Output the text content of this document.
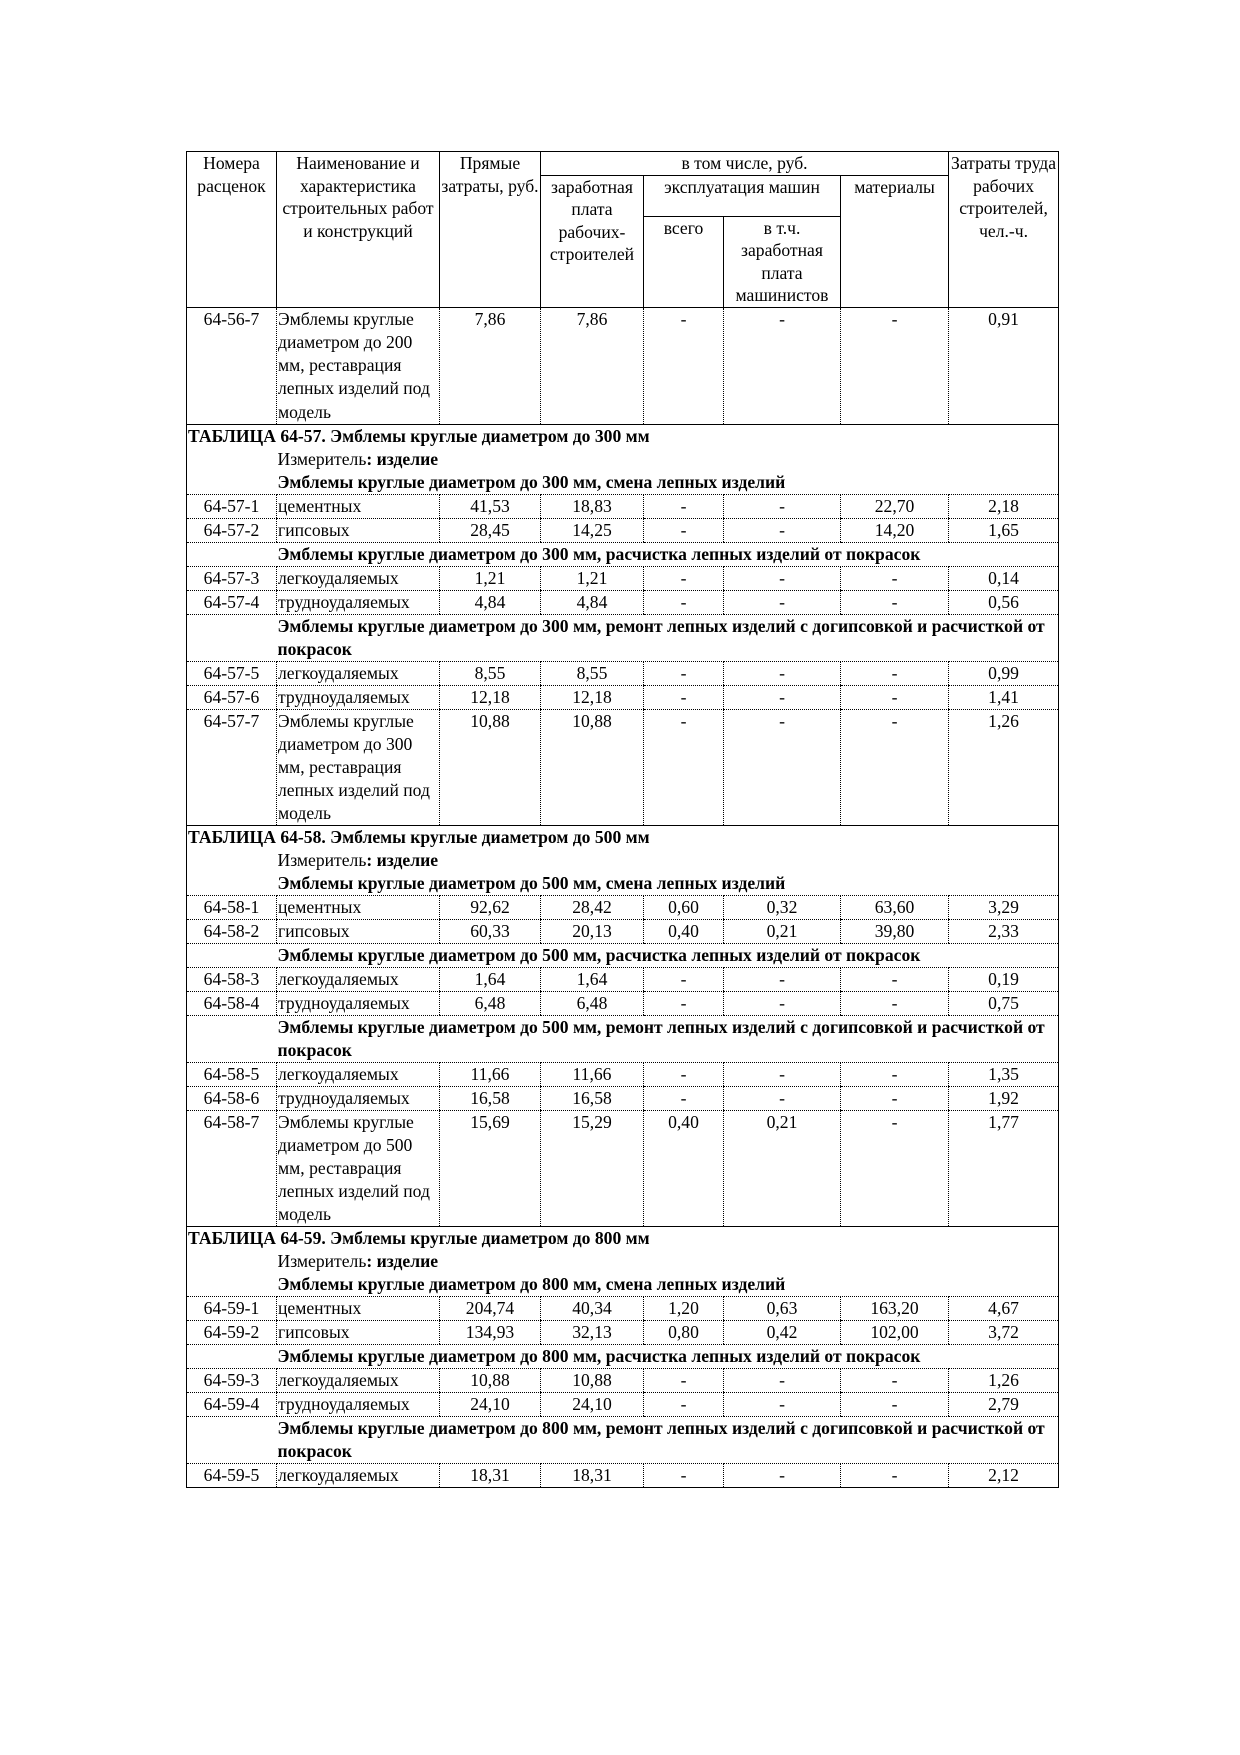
Номера расценок	Наименование и характеристика строительных работ и конструкций	Прямые затраты, руб.	в том числе, руб.				Затраты труда рабочих строителей, чел.-ч.
			заработная плата рабочих-строителей	эксплуатация машин		материалы	
				всего	в т.ч. заработная плата машинистов		
64-56-7	Эмблемы круглые диаметром до 200 мм, реставрация лепных изделий под модель	7,86	7,86	-	-	-	0,91
ТАБЛИЦА 64-57. Эмблемы круглые диаметром до 300 мм							
	Измеритель: изделие						
	Эмблемы круглые диаметром до 300 мм, смена лепных изделий						
64-57-1	цементных	41,53	18,83	-	-	22,70	2,18
64-57-2	гипсовых	28,45	14,25	-	-	14,20	1,65
	Эмблемы круглые диаметром до 300 мм, расчистка лепных изделий от покрасок						
64-57-3	легкоудаляемых	1,21	1,21	-	-	-	0,14
64-57-4	трудноудаляемых	4,84	4,84	-	-	-	0,56
	Эмблемы круглые диаметром до 300 мм, ремонт лепных изделий с догипсовкой и расчисткой от покрасок						
64-57-5	легкоудаляемых	8,55	8,55	-	-	-	0,99
64-57-6	трудноудаляемых	12,18	12,18	-	-	-	1,41
64-57-7	Эмблемы круглые диаметром до 300 мм, реставрация лепных изделий под модель	10,88	10,88	-	-	-	1,26
ТАБЛИЦА 64-58. Эмблемы круглые диаметром до 500 мм							
	Измеритель: изделие						
	Эмблемы круглые диаметром до 500 мм, смена лепных изделий						
64-58-1	цементных	92,62	28,42	0,60	0,32	63,60	3,29
64-58-2	гипсовых	60,33	20,13	0,40	0,21	39,80	2,33
	Эмблемы круглые диаметром до 500 мм, расчистка лепных изделий от покрасок						
64-58-3	легкоудаляемых	1,64	1,64	-	-	-	0,19
64-58-4	трудноудаляемых	6,48	6,48	-	-	-	0,75
	Эмблемы круглые диаметром до 500 мм, ремонт лепных изделий с догипсовкой и расчисткой от покрасок						
64-58-5	легкоудаляемых	11,66	11,66	-	-	-	1,35
64-58-6	трудноудаляемых	16,58	16,58	-	-	-	1,92
64-58-7	Эмблемы круглые диаметром до 500 мм, реставрация лепных изделий под модель	15,69	15,29	0,40	0,21	-	1,77
ТАБЛИЦА 64-59. Эмблемы круглые диаметром до 800 мм							
	Измеритель: изделие						
	Эмблемы круглые диаметром до 800 мм, смена лепных изделий						
64-59-1	цементных	204,74	40,34	1,20	0,63	163,20	4,67
64-59-2	гипсовых	134,93	32,13	0,80	0,42	102,00	3,72
	Эмблемы круглые диаметром до 800 мм, расчистка лепных изделий от покрасок						
64-59-3	легкоудаляемых	10,88	10,88	-	-	-	1,26
64-59-4	трудноудаляемых	24,10	24,10	-	-	-	2,79
	Эмблемы круглые диаметром до 800 мм, ремонт лепных изделий с догипсовкой и расчисткой от покрасок						
64-59-5	легкоудаляемых	18,31	18,31	-	-	-	2,12
